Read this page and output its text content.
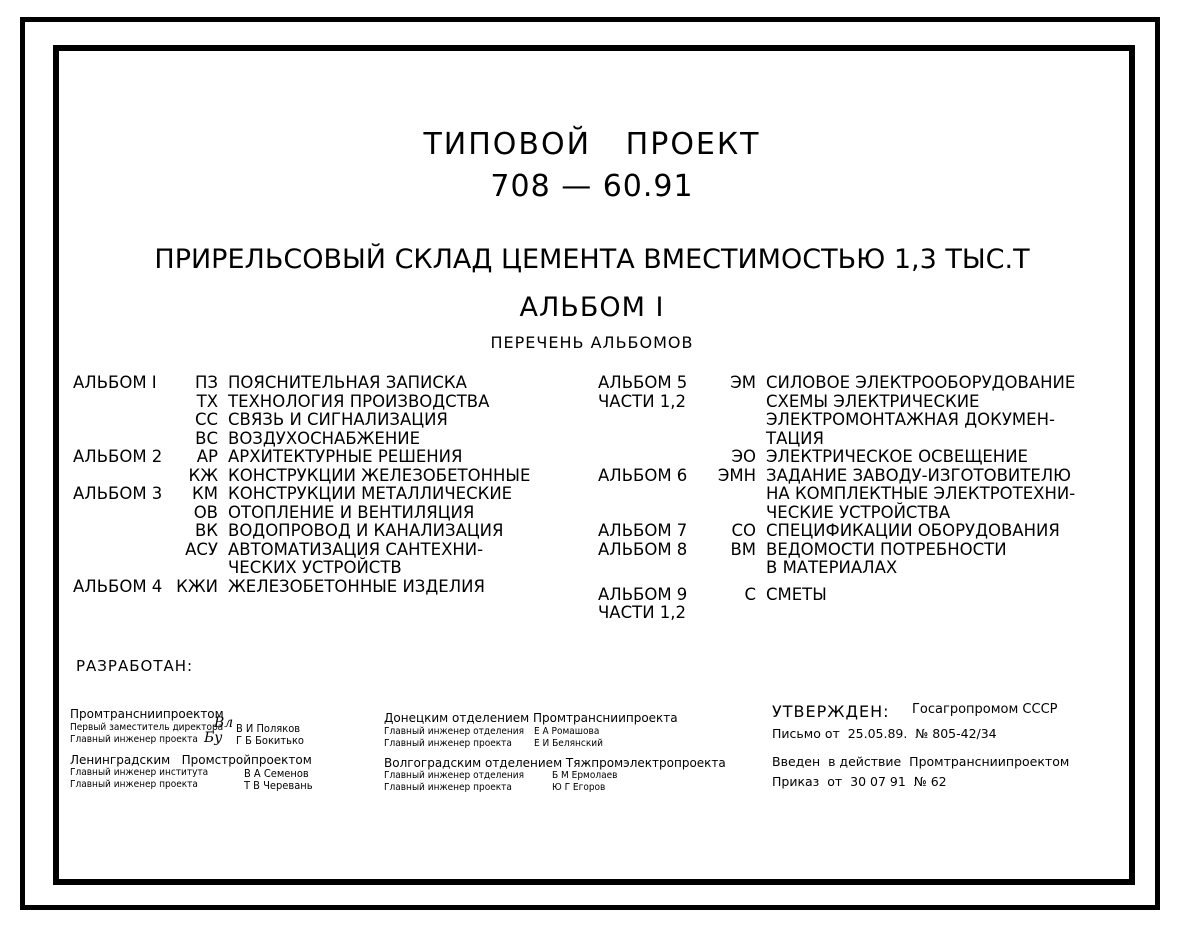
ТИПОВОЙ   ПРОЕКТ
708 — 60.91
ПРИРЕЛЬСОВЫЙ СКЛАД ЦЕМЕНТА ВМЕСТИМОСТЬЮ 1,3 ТЫС.Т
АЛЬБОМ I
ПЕРЕЧЕНЬ АЛЬБОМОВ
АЛЬБОМ I	ПЗ ПОЯСНИТЕЛЬНАЯ ЗАПИСКА
ТХ ТЕХНОЛОГИЯ ПРОИЗВОДСТВА
СС СВЯЗЬ И СИГНАЛИЗАЦИЯ
ВС ВОЗДУХОСНАБЖЕНИЕ
АЛЬБОМ 2	АР АРХИТЕКТУРНЫЕ РЕШЕНИЯ
КЖ КОНСТРУКЦИИ ЖЕЛЕЗОБЕТОННЫЕ
АЛЬБОМ 3	КМ КОНСТРУКЦИИ МЕТАЛЛИЧЕСКИЕ
ОВ ОТОПЛЕНИЕ И ВЕНТИЛЯЦИЯ
ВК ВОДОПРОВОД И КАНАЛИЗАЦИЯ
АСУ АВТОМАТИЗАЦИЯ САНТЕХНИ-
ЧЕСКИХ УСТРОЙСТВ
АЛЬБОМ 4 КЖИ ЖЕЛЕЗОБЕТОННЫЕ ИЗДЕЛИЯ
АЛЬБОМ 5	ЭМ СИЛОВОЕ ЭЛЕКТРООБОРУДОВАНИЕ
ЧАСТИ 1,2	СХЕМЫ ЭЛЕКТРИЧЕСКИЕ
ЭЛЕКТРОМОНТАЖНАЯ ДОКУМЕН-
ТАЦИЯ
ЭО ЭЛЕКТРИЧЕСКОЕ ОСВЕЩЕНИЕ
АЛЬБОМ 6	ЭМН ЗАДАНИЕ ЗАВОДУ-ИЗГОТОВИТЕЛЮ
НА КОМПЛЕКТНЫЕ ЭЛЕКТРОТЕХНИ-
ЧЕСКИЕ УСТРОЙСТВА
АЛЬБОМ 7	СО СПЕЦИФИКАЦИИ ОБОРУДОВАНИЯ
АЛЬБОМ 8	ВМ ВЕДОМОСТИ ПОТРЕБНОСТИ
В МАТЕРИАЛАХ
АЛЬБОМ 9	С СМЕТЫ
ЧАСТИ 1,2
РАЗРАБОТАН:
Промтрансниипроектом
Первый заместитель директора
Вл В И Поляков
Главный инженер проекта Бу Г Б Бокитько
Ленинградским   Промстройпроектом
Главный инженер института	В А Семенов
Главный инженер проекта	Т В Черевань
Донецким отделением Промтрансниипроекта
Главный инженер отделения Е А Ромашова
Главный инженер проекта Е И Белянский
Волгоградским отделением Тяжпромэлектропроекта
Главный инженер отделения	Б М Ермолаев
Главный инженер проекта	Ю Г Егоров
УТВЕРЖДЕН: Госагропромом СССР
Письмо от  25.05.89.  № 805-42/34
Введен  в действие  Промтрансниипроектом
Приказ  от  30 07 91  № 62
